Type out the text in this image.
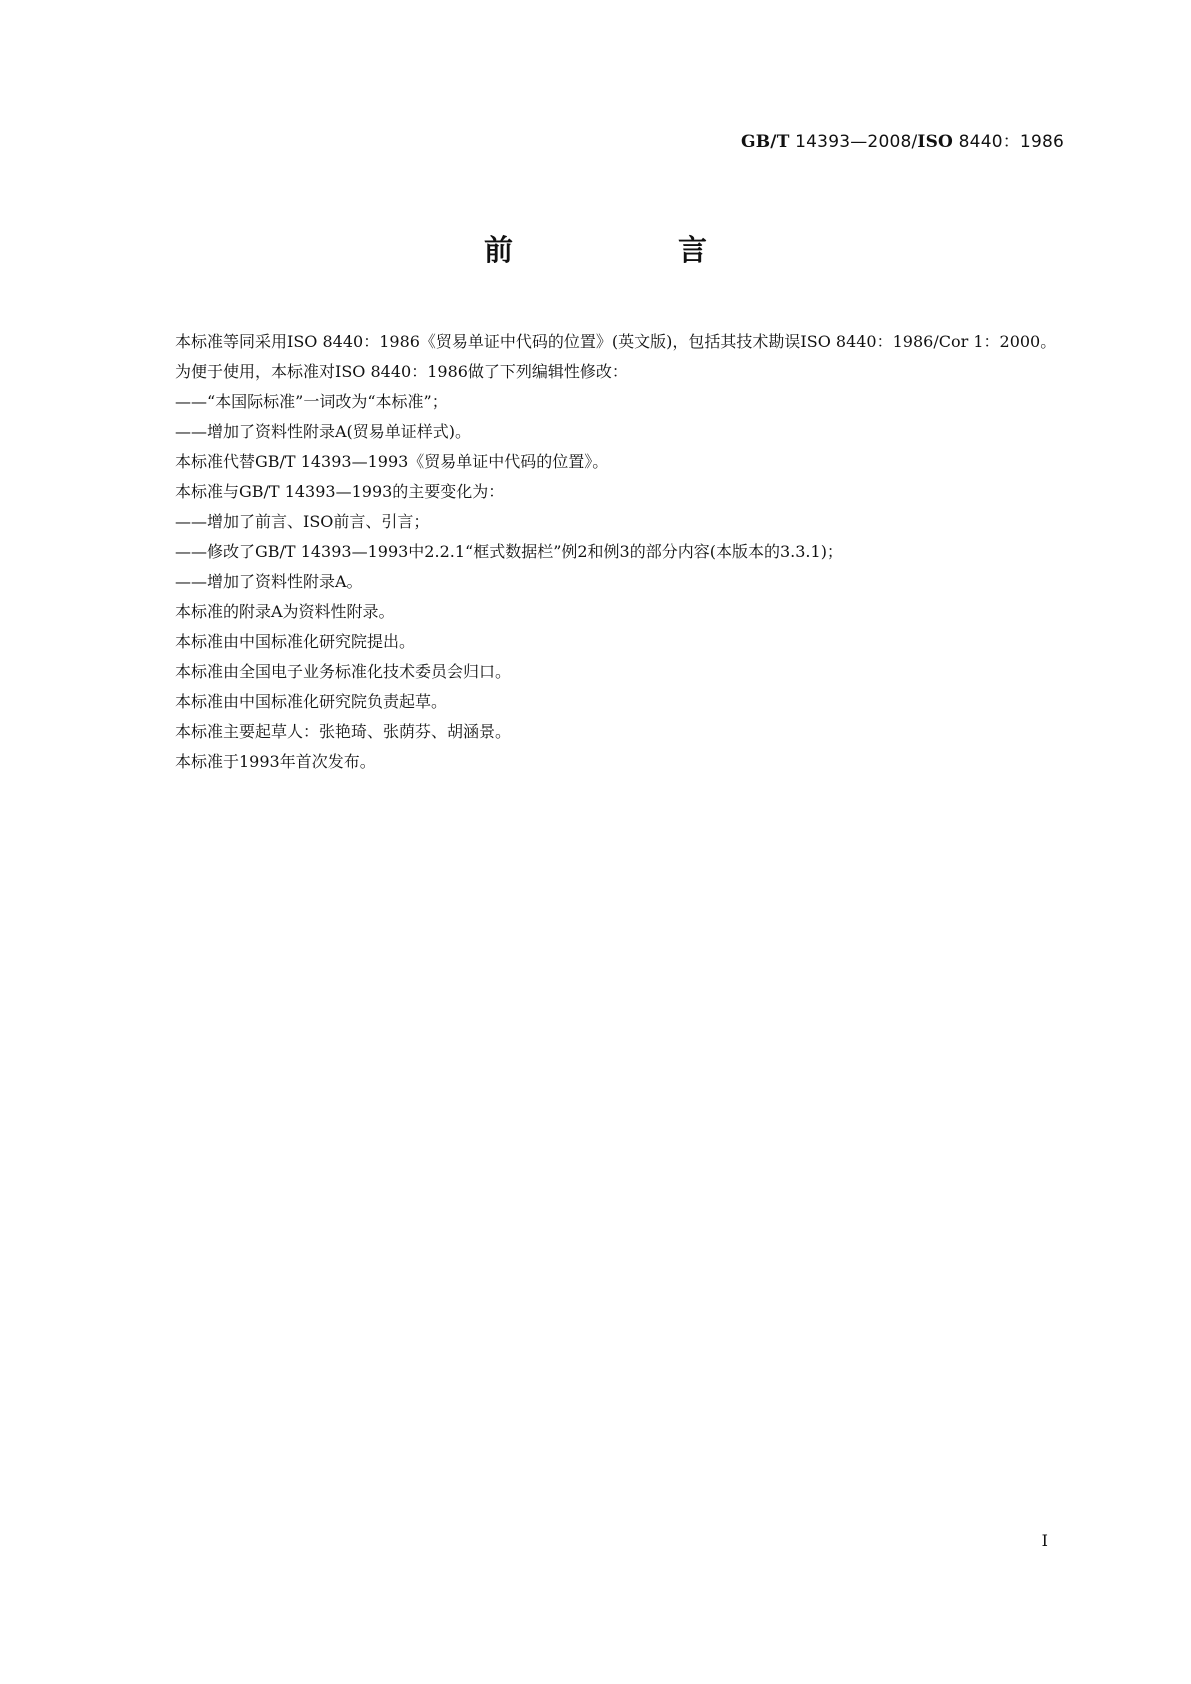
GB/T 14393—2008/ISO 8440：1986
前　言

本标准等同采用ISO 8440：1986《贸易单证中代码的位置》(英文版)，包括其技术勘误ISO 8440：1986/Cor 1：2000。

为便于使用，本标准对ISO 8440：1986做了下列编辑性修改：

——“本国际标准”一词改为“本标准”；

——增加了资料性附录A(贸易单证样式)。

本标准代替GB/T 14393—1993《贸易单证中代码的位置》。

本标准与GB/T 14393—1993的主要变化为：

——增加了前言、ISO前言、引言；

——修改了GB/T 14393—1993中2.2.1“框式数据栏”例2和例3的部分内容(本版本的3.3.1)；

——增加了资料性附录A。

本标准的附录A为资料性附录。

本标准由中国标准化研究院提出。

本标准由全国电子业务标准化技术委员会归口。

本标准由中国标准化研究院负责起草。

本标准主要起草人：张艳琦、张荫芬、胡涵景。

本标准于1993年首次发布。

I
